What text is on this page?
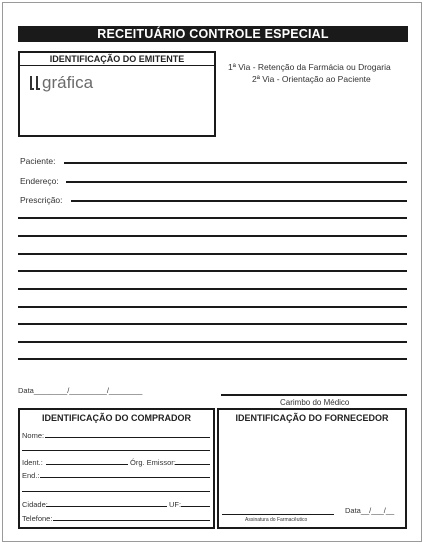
RECEITUÁRIO CONTROLE ESPECIAL
IDENTIFICAÇÃO DO EMITENTE
gráfica
1ª Via - Retenção da Farmácia ou Drogaria
2ª Via - Orientação ao Paciente
Paciente:
Endereço:
Prescrição:
Data________/_________/________
Carimbo do Médico
IDENTIFICAÇÃO DO COMPRADOR
Nome:
Ident.:	Órg. Emissor:
End.:
Cidade:	UF:
Telefone:
IDENTIFICAÇÃO DO FORNECEDOR
Assinatura do Farmacêutico
Data__/___/__
